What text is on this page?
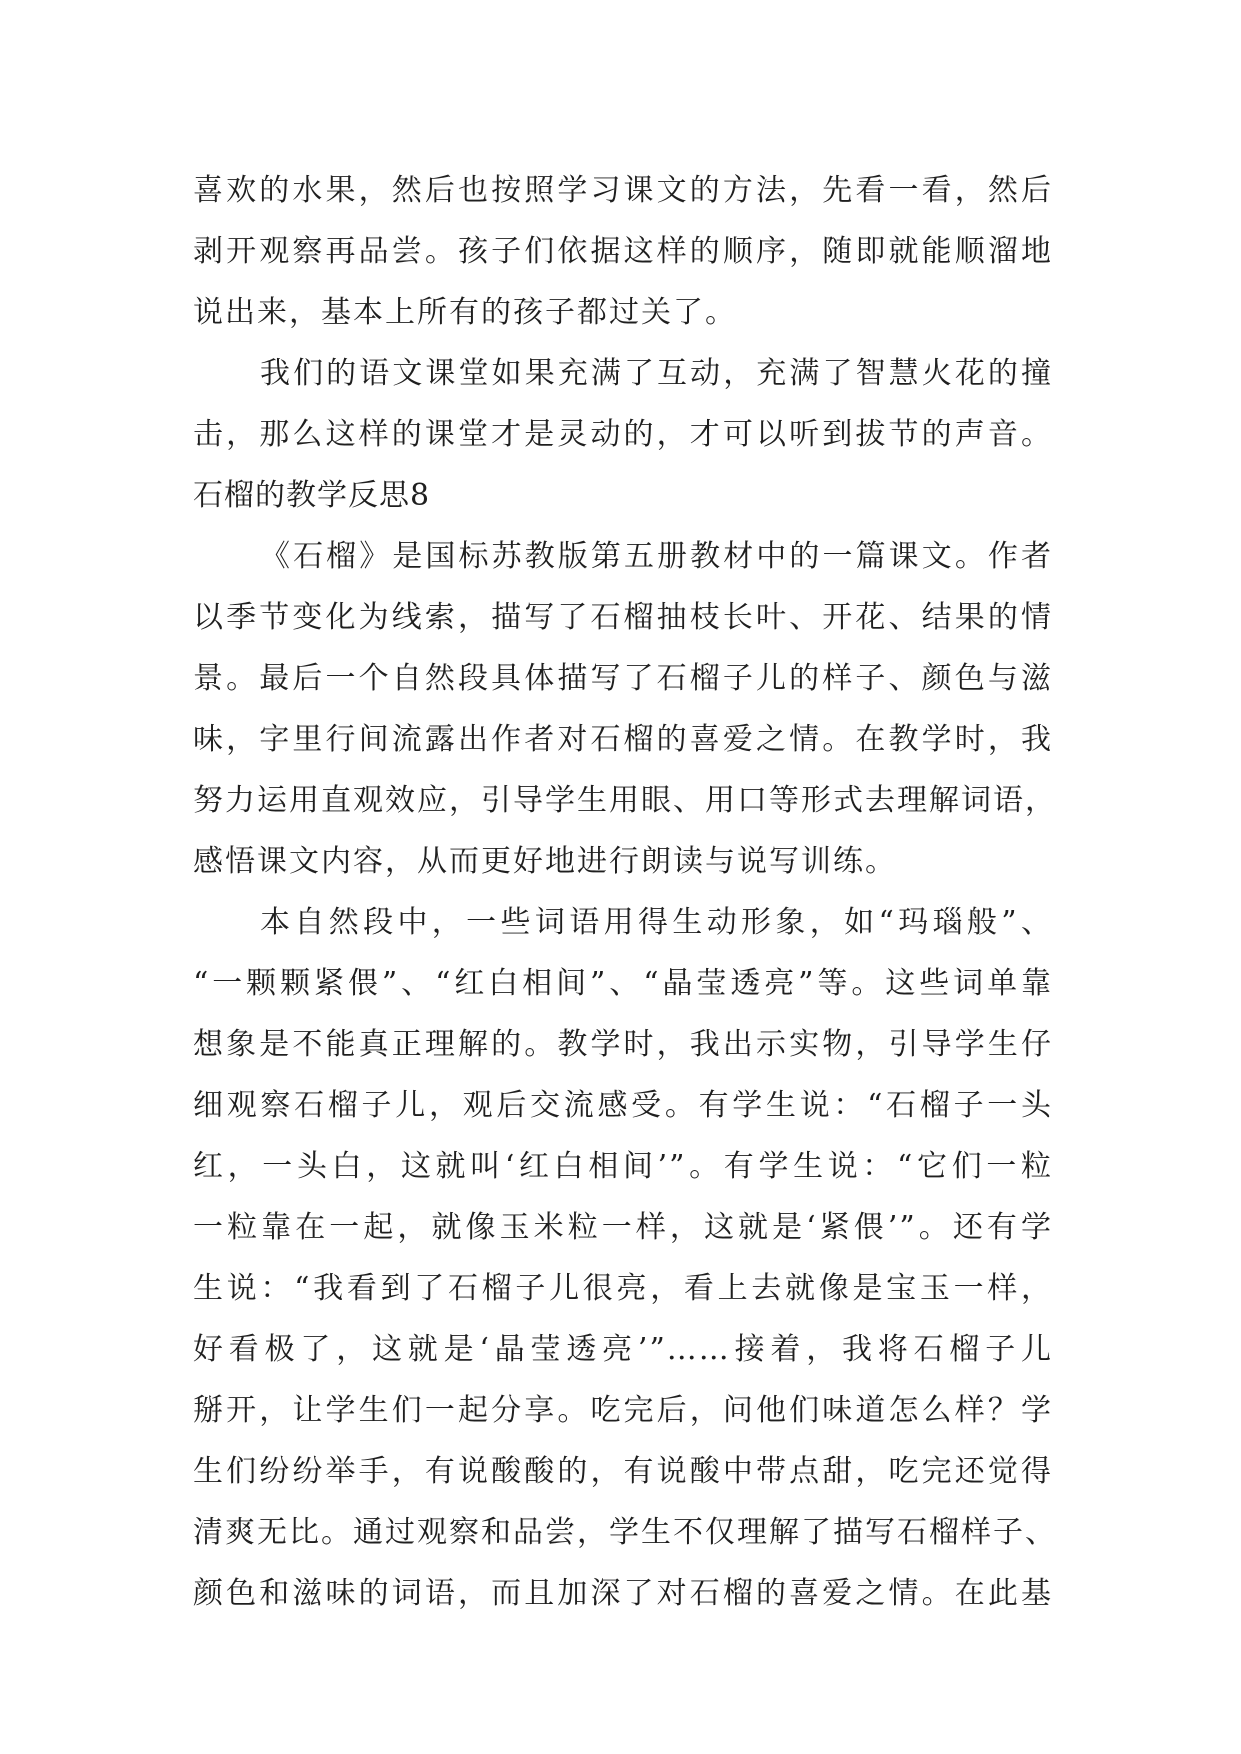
喜欢的水果，然后也按照学习课文的方法，先看一看，然后
剥开观察再品尝。孩子们依据这样的顺序，随即就能顺溜地
说出来，基本上所有的孩子都过关了。
我们的语文课堂如果充满了互动，充满了智慧火花的撞
击，那么这样的课堂才是灵动的，才可以听到拔节的声音。
石榴的教学反思8
《石榴》是国标苏教版第五册教材中的一篇课文。作者
以季节变化为线索，描写了石榴抽枝长叶、开花、结果的情
景。最后一个自然段具体描写了石榴子儿的样子、颜色与滋
味，字里行间流露出作者对石榴的喜爱之情。在教学时，我
努力运用直观效应，引导学生用眼、用口等形式去理解词语，
感悟课文内容，从而更好地进行朗读与说写训练。
本自然段中，一些词语用得生动形象，如“玛瑙般”、
“一颗颗紧偎”、“红白相间”、“晶莹透亮”等。这些词单靠
想象是不能真正理解的。教学时，我出示实物，引导学生仔
细观察石榴子儿，观后交流感受。有学生说：“石榴子一头
红，一头白，这就叫‘红白相间’”。有学生说：“它们一粒
一粒靠在一起，就像玉米粒一样，这就是‘紧偎’”。还有学
生说：“我看到了石榴子儿很亮，看上去就像是宝玉一样，
好看极了，这就是‘晶莹透亮’”……接着，我将石榴子儿
掰开，让学生们一起分享。吃完后，问他们味道怎么样？学
生们纷纷举手，有说酸酸的，有说酸中带点甜，吃完还觉得
清爽无比。通过观察和品尝，学生不仅理解了描写石榴样子、
颜色和滋味的词语，而且加深了对石榴的喜爱之情。在此基
